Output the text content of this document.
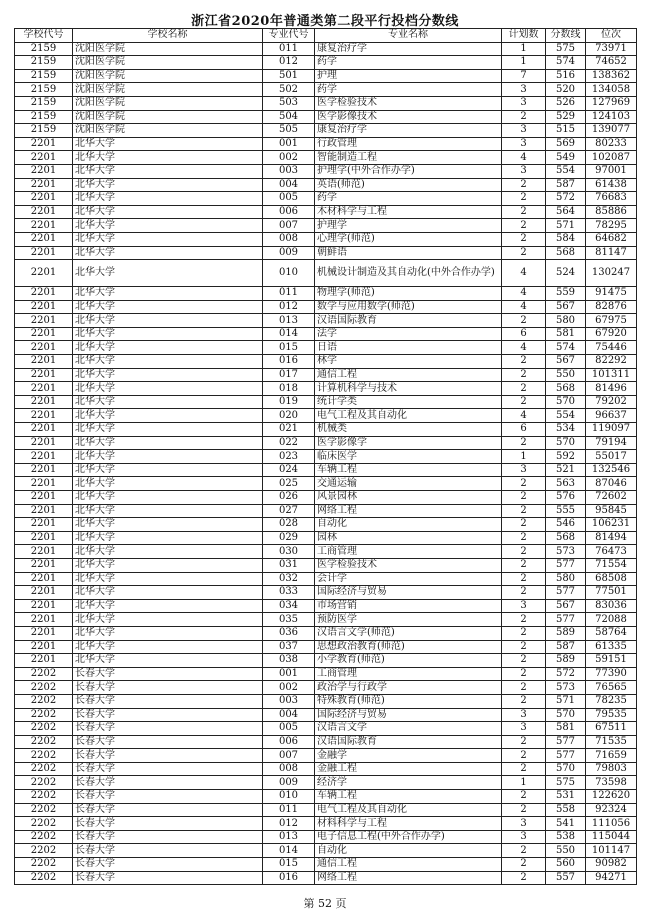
浙江省2020年普通类第二段平行投档分数线
学校代号	学校名称	专业代号	专业名称	计划数	分数线	位次
2159	沈阳医学院	011	康复治疗学	1	575	73971
2159	沈阳医学院	012	药学	1	574	74652
2159	沈阳医学院	501	护理	7	516	138362
2159	沈阳医学院	502	药学	3	520	134058
2159	沈阳医学院	503	医学检验技术	3	526	127969
2159	沈阳医学院	504	医学影像技术	2	529	124103
2159	沈阳医学院	505	康复治疗学	3	515	139077
2201	北华大学	001	行政管理	3	569	80233
2201	北华大学	002	智能制造工程	4	549	102087
2201	北华大学	003	护理学(中外合作办学)	3	554	97001
2201	北华大学	004	英语(师范)	2	587	61438
2201	北华大学	005	药学	2	572	76683
2201	北华大学	006	木材科学与工程	2	564	85886
2201	北华大学	007	护理学	2	571	78295
2201	北华大学	008	心理学(师范)	2	584	64682
2201	北华大学	009	朝鲜语	2	568	81147
2201	北华大学	010	机械设计制造及其自动化(中外合作办学)	4	524	130247
2201	北华大学	011	物理学(师范)	4	559	91475
2201	北华大学	012	数学与应用数学(师范)	4	567	82876
2201	北华大学	013	汉语国际教育	2	580	67975
2201	北华大学	014	法学	6	581	67920
2201	北华大学	015	日语	4	574	75446
2201	北华大学	016	林学	2	567	82292
2201	北华大学	017	通信工程	2	550	101311
2201	北华大学	018	计算机科学与技术	2	568	81496
2201	北华大学	019	统计学类	2	570	79202
2201	北华大学	020	电气工程及其自动化	4	554	96637
2201	北华大学	021	机械类	6	534	119097
2201	北华大学	022	医学影像学	2	570	79194
2201	北华大学	023	临床医学	1	592	55017
2201	北华大学	024	车辆工程	3	521	132546
2201	北华大学	025	交通运输	2	563	87046
2201	北华大学	026	风景园林	2	576	72602
2201	北华大学	027	网络工程	2	555	95845
2201	北华大学	028	自动化	2	546	106231
2201	北华大学	029	园林	2	568	81494
2201	北华大学	030	工商管理	2	573	76473
2201	北华大学	031	医学检验技术	2	577	71554
2201	北华大学	032	会计学	2	580	68508
2201	北华大学	033	国际经济与贸易	2	577	77501
2201	北华大学	034	市场营销	3	567	83036
2201	北华大学	035	预防医学	2	577	72088
2201	北华大学	036	汉语言文学(师范)	2	589	58764
2201	北华大学	037	思想政治教育(师范)	2	587	61335
2201	北华大学	038	小学教育(师范)	2	589	59151
2202	长春大学	001	工商管理	2	572	77390
2202	长春大学	002	政治学与行政学	2	573	76565
2202	长春大学	003	特殊教育(师范)	2	571	78235
2202	长春大学	004	国际经济与贸易	3	570	79535
2202	长春大学	005	汉语言文学	3	581	67511
2202	长春大学	006	汉语国际教育	2	577	71535
2202	长春大学	007	金融学	2	577	71659
2202	长春大学	008	金融工程	2	570	79803
2202	长春大学	009	经济学	1	575	73598
2202	长春大学	010	车辆工程	2	531	122620
2202	长春大学	011	电气工程及其自动化	2	558	92324
2202	长春大学	012	材料科学与工程	3	541	111056
2202	长春大学	013	电子信息工程(中外合作办学)	3	538	115044
2202	长春大学	014	自动化	2	550	101147
2202	长春大学	015	通信工程	2	560	90982
2202	长春大学	016	网络工程	2	557	94271
第 52 页
